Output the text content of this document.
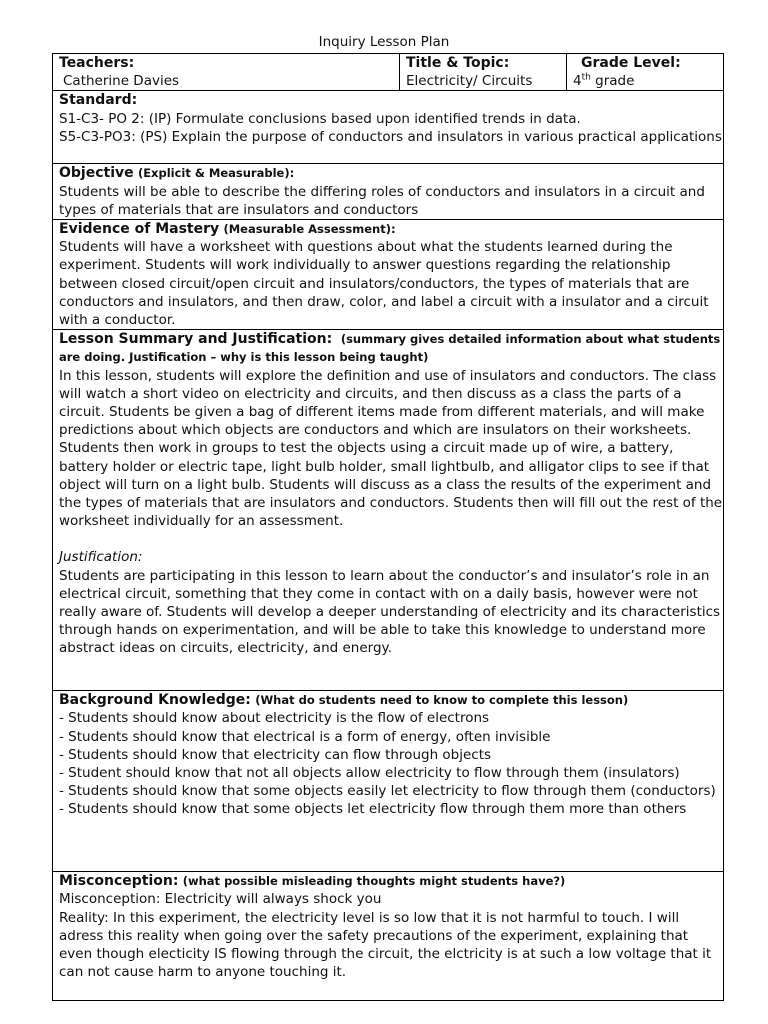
Inquiry Lesson Plan
Teachers:
Catherine Davies

Title & Topic:
Electricity/ Circuits

Grade Level:
4th grade

Standard:
S1-C3- PO 2: (IP) Formulate conclusions based upon identified trends in data.
S5-C3-PO3: (PS) Explain the purpose of conductors and insulators in various practical applications

Objective (Explicit & Measurable):
Students will be able to describe the differing roles of conductors and insulators in a circuit and types of materials that are insulators and conductors

Evidence of Mastery (Measurable Assessment):
Students will have a worksheet with questions about what the students learned during the experiment. Students will work individually to answer questions regarding the relationship between closed circuit/open circuit and insulators/conductors, the types of materials that are conductors and insulators, and then draw, color, and label a circuit with a insulator and a circuit with a conductor.

Lesson Summary and Justification: (summary gives detailed information about what students are doing. Justification – why is this lesson being taught)
In this lesson, students will explore the definition and use of insulators and conductors. The class will watch a short video on electricity and circuits, and then discuss as a class the parts of a circuit. Students be given a bag of different items made from different materials, and will make predictions about which objects are conductors and which are insulators on their worksheets. Students then work in groups to test the objects using a circuit made up of wire, a battery, battery holder or electric tape, light bulb holder, small lightbulb, and alligator clips to see if that object will turn on a light bulb. Students will discuss as a class the results of the experiment and the types of materials that are insulators and conductors. Students then will fill out the rest of the worksheet individually for an assessment.
Justification:
Students are participating in this lesson to learn about the conductor’s and insulator’s role in an electrical circuit, something that they come in contact with on a daily basis, however were not really aware of. Students will develop a deeper understanding of electricity and its characteristics through hands on experimentation, and will be able to take this knowledge to understand more abstract ideas on circuits, electricity, and energy.

Background Knowledge: (What do students need to know to complete this lesson)
- Students should know about electricity is the flow of electrons
- Students should know that electrical is a form of energy, often invisible
- Students should know that electricity can flow through objects
- Student should know that not all objects allow electricity to flow through them (insulators)
- Students should know that some objects easily let electricity to flow through them (conductors)
- Students should know that some objects let electricity flow through them more than others

Misconception: (what possible misleading thoughts might students have?)
Misconception: Electricity will always shock you
Reality: In this experiment, the electricity level is so low that it is not harmful to touch. I will adress this reality when going over the safety precautions of the experiment, explaining that even though electicity IS flowing through the circuit, the elctricity is at such a low voltage that it can not cause harm to anyone touching it.
